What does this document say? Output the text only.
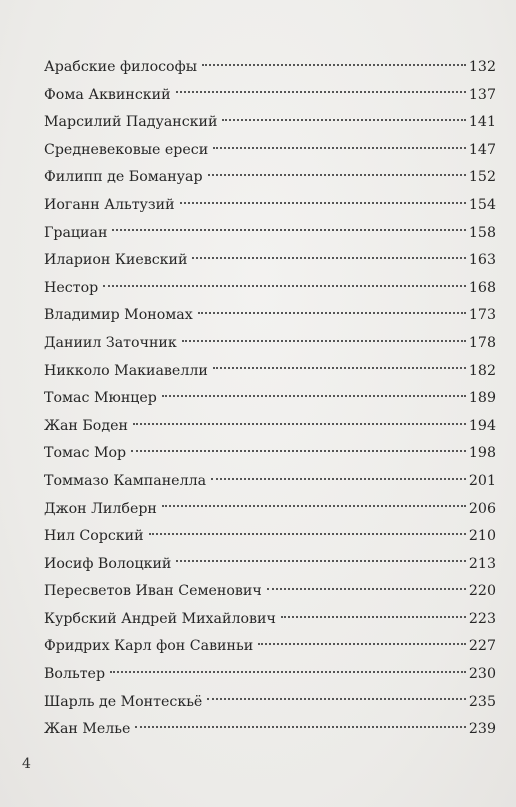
Арабские философы	132
Фома Аквинский	137
Марсилий Падуанский	141
Средневековые ереси	147
Филипп де Бомануар	152
Иоганн Альтузий	154
Грациан	158
Иларион Киевский	163
Нестор	168
Владимир Мономах	173
Даниил Заточник	178
Никколо Макиавелли	182
Томас Мюнцер	189
Жан Боден	194
Томас Мор	198
Томмазо Кампанелла	201
Джон Лилберн	206
Нил Сорский	210
Иосиф Волоцкий	213
Пересветов Иван Семенович	220
Курбский Андрей Михайлович	223
Фридрих Карл фон Савиньи	227
Вольтер	230
Шарль де Монтескьё	235
Жан Мелье	239
4
